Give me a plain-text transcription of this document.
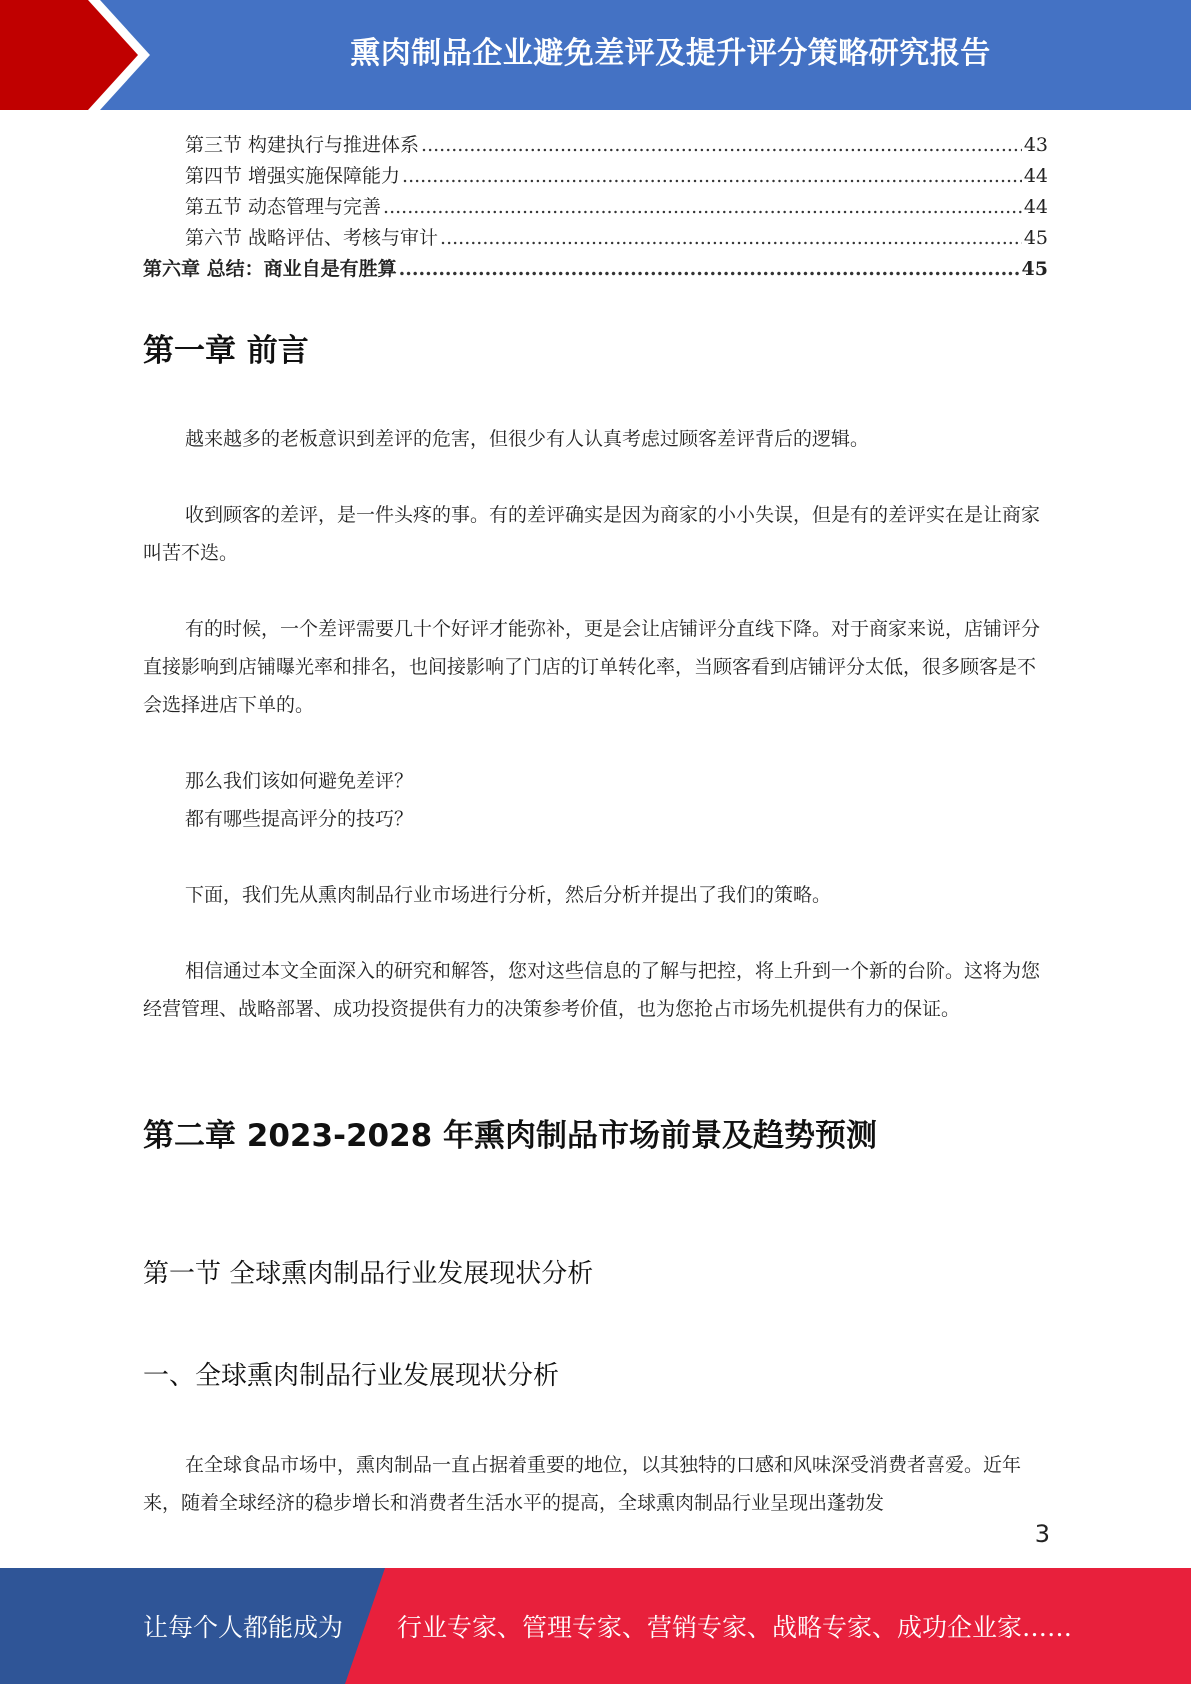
熏肉制品企业避免差评及提升评分策略研究报告
第三节 构建执行与推进体系 .....	43
第四节 增强实施保障能力 .....	44
第五节 动态管理与完善 .....	44
第六节 战略评估、考核与审计 .....	45
第六章 总结：商业自是有胜算 .....	45
第一章 前言
越来越多的老板意识到差评的危害，但很少有人认真考虑过顾客差评背后的逻辑。
收到顾客的差评，是一件头疼的事。有的差评确实是因为商家的小小失误，但是有的差评实在是让商家叫苦不迭。
有的时候，一个差评需要几十个好评才能弥补，更是会让店铺评分直线下降。对于商家来说，店铺评分直接影响到店铺曝光率和排名，也间接影响了门店的订单转化率，当顾客看到店铺评分太低，很多顾客是不会选择进店下单的。
那么我们该如何避免差评？
都有哪些提高评分的技巧？
下面，我们先从熏肉制品行业市场进行分析，然后分析并提出了我们的策略。
相信通过本文全面深入的研究和解答，您对这些信息的了解与把控，将上升到一个新的台阶。这将为您经营管理、战略部署、成功投资提供有力的决策参考价值，也为您抢占市场先机提供有力的保证。
第二章 2023-2028 年熏肉制品市场前景及趋势预测
第一节 全球熏肉制品行业发展现状分析
一、全球熏肉制品行业发展现状分析
在全球食品市场中，熏肉制品一直占据着重要的地位，以其独特的口感和风味深受消费者喜爱。近年来，随着全球经济的稳步增长和消费者生活水平的提高，全球熏肉制品行业呈现出蓬勃发
3
让每个人都能成为 行业专家、管理专家、营销专家、战略专家、成功企业家……
